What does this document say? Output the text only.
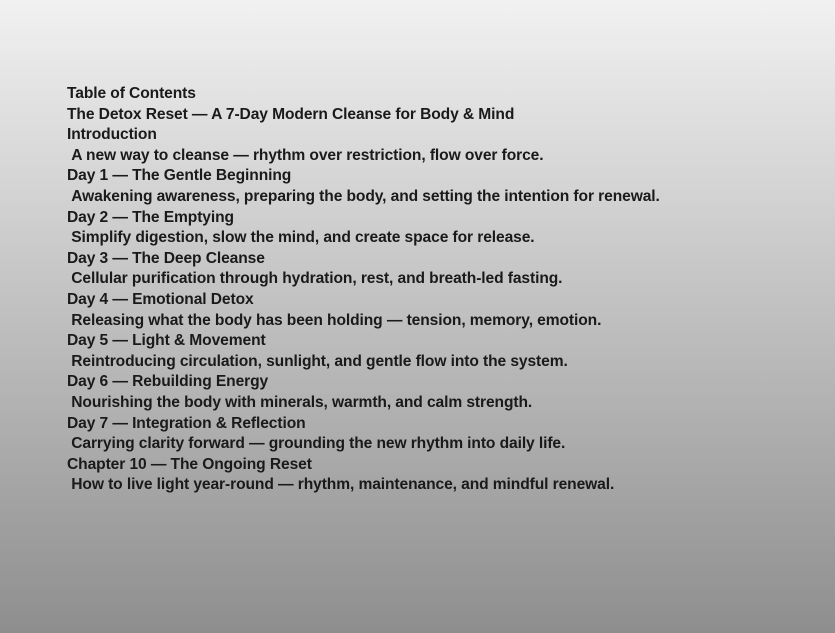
Table of Contents
The Detox Reset — A 7-Day Modern Cleanse for Body & Mind
Introduction
A new way to cleanse — rhythm over restriction, flow over force.
Day 1 — The Gentle Beginning
Awakening awareness, preparing the body, and setting the intention for renewal.
Day 2 — The Emptying
Simplify digestion, slow the mind, and create space for release.
Day 3 — The Deep Cleanse
Cellular purification through hydration, rest, and breath-led fasting.
Day 4 — Emotional Detox
Releasing what the body has been holding — tension, memory, emotion.
Day 5 — Light & Movement
Reintroducing circulation, sunlight, and gentle flow into the system.
Day 6 — Rebuilding Energy
Nourishing the body with minerals, warmth, and calm strength.
Day 7 — Integration & Reflection
Carrying clarity forward — grounding the new rhythm into daily life.
Chapter 10 — The Ongoing Reset
How to live light year-round — rhythm, maintenance, and mindful renewal.
